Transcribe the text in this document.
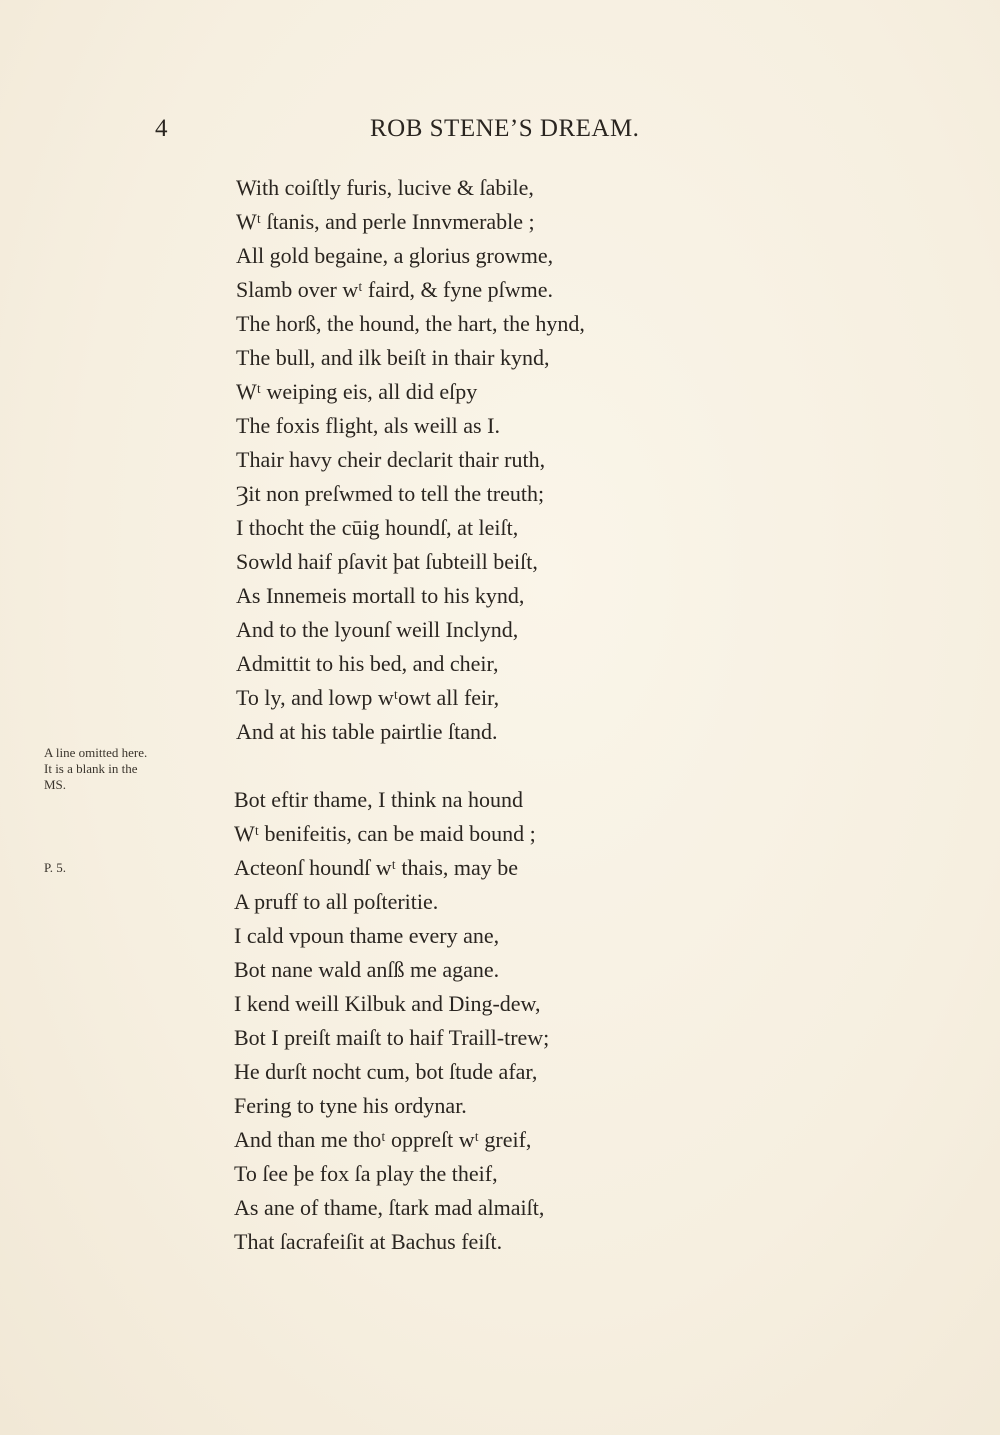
4	ROB STENE’S DREAM.
A line omitted here. It is a blank in the MS.
P. 5.
With coiſtly furis, lucive & ſabile,
Wᵗ ſtanis, and perle Innvmerable ;
All gold begaine, a glorius growme,
Slamb over wᵗ faird, & fyne pſwme.
The horß, the hound, the hart, the hynd,
The bull, and ilk beiſt in thair kynd,
Wᵗ weiping eis, all did eſpy
The foxis flight, als weill as I.
Thair havy cheir declarit thair ruth,
Ȝit non preſwmed to tell the treuth;
I thocht the cūig houndſ, at leiſt,
Sowld haif pſavit þat ſubteill beiſt,
As Innemeis mortall to his kynd,
And to the lyounſ weill Inclynd,
Admittit to his bed, and cheir,
To ly, and lowp wᵗowt all feir,
And at his table pairtlie ſtand.
Bot eftir thame, I think na hound
Wᵗ benifeitis, can be maid bound ;
Acteonſ houndſ wᵗ thais, may be
A pruff to all poſteritie.
I cald vpoun thame every ane,
Bot nane wald anſß me agane.
I kend weill Kilbuk and Ding-dew,
Bot I preiſt maiſt to haif Traill-trew;
He durſt nocht cum, bot ſtude afar,
Fering to tyne his ordynar.
And than me thoᵗ oppreſt wᵗ greif,
To ſee þe fox ſa play the theif,
As ane of thame, ſtark mad almaiſt,
That ſacrafeiſit at Bachus feiſt.
